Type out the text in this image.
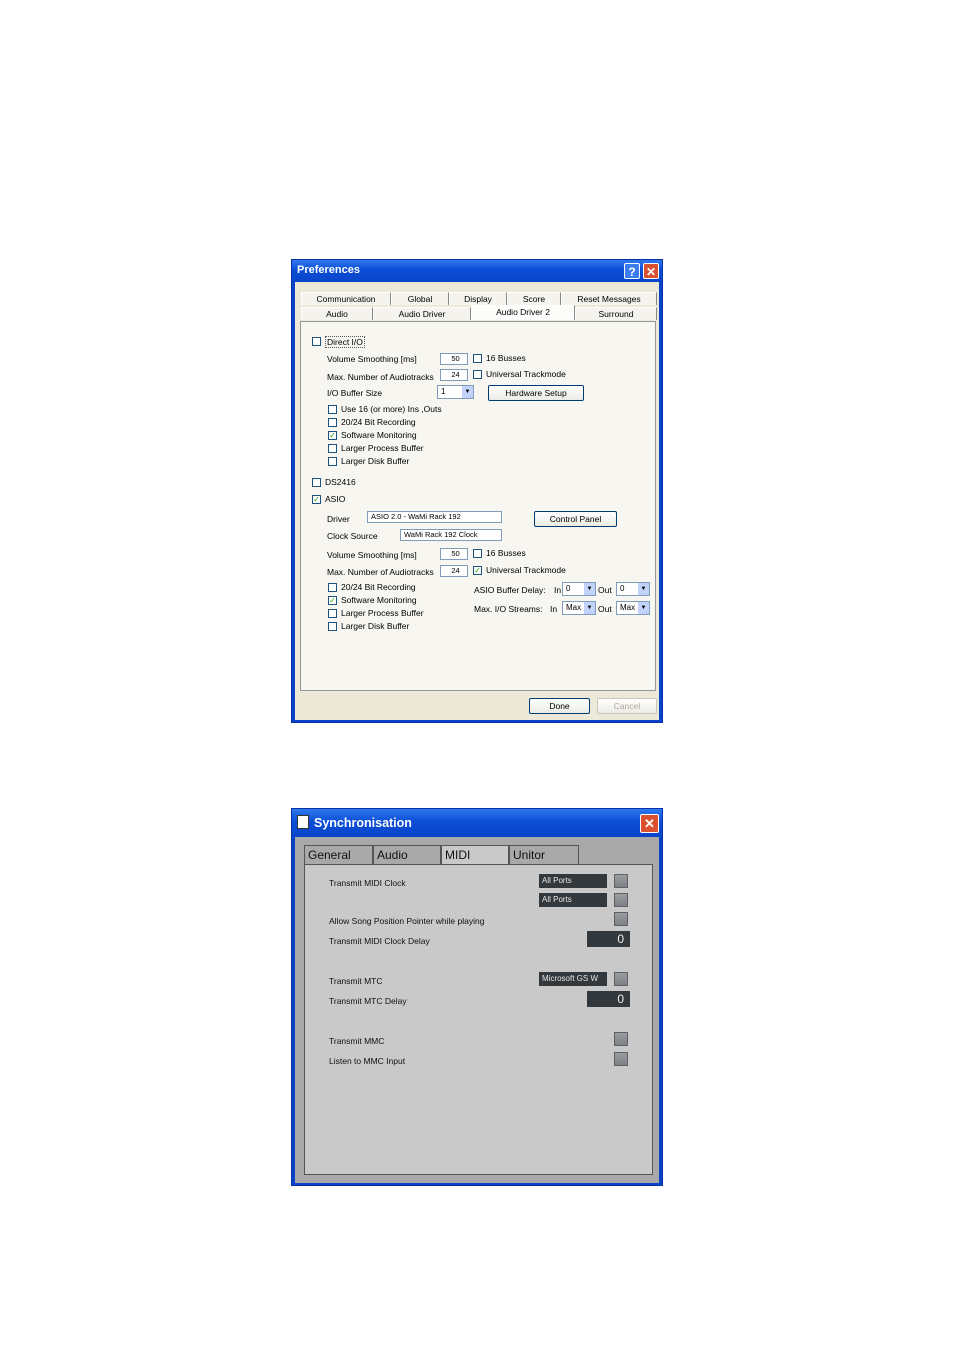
Preferences	? ✕
Communication	Global	Display	Score	Reset Messages
Audio	Audio Driver	Audio Driver 2	Surround
Direct I/O
Volume Smoothing [ms]	50	16 Busses
Max. Number of Audiotracks	24	Universal Trackmode
I/O Buffer Size	1	▼	Hardware Setup
Use 16 (or more) Ins ,Outs
20/24 Bit Recording
✓ Software Monitoring
Larger Process Buffer
Larger Disk Buffer
DS2416
✓ ASIO
Driver	ASIO 2.0 - WaMi Rack 192	Control Panel
Clock Source	WaMi Rack 192 Clock
Volume Smoothing [ms]	50	16 Busses
Max. Number of Audiotracks	24	✓ Universal Trackmode
20/24 Bit Recording
✓ Software Monitoring
Larger Process Buffer
Larger Disk Buffer
ASIO Buffer Delay: In 0	▼ Out	0	▼
Max. I/O Streams: In	Max ▼ Out	Max ▼
Done	Cancel
Synchronisation	✕
General	Audio	MIDI	Unitor
Transmit MIDI Clock	All Ports
All Ports
Allow Song Position Pointer while playing
Transmit MIDI Clock Delay	0
Transmit MTC	Microsoft GS W
Transmit MTC Delay	0
Transmit MMC
Listen to MMC Input
